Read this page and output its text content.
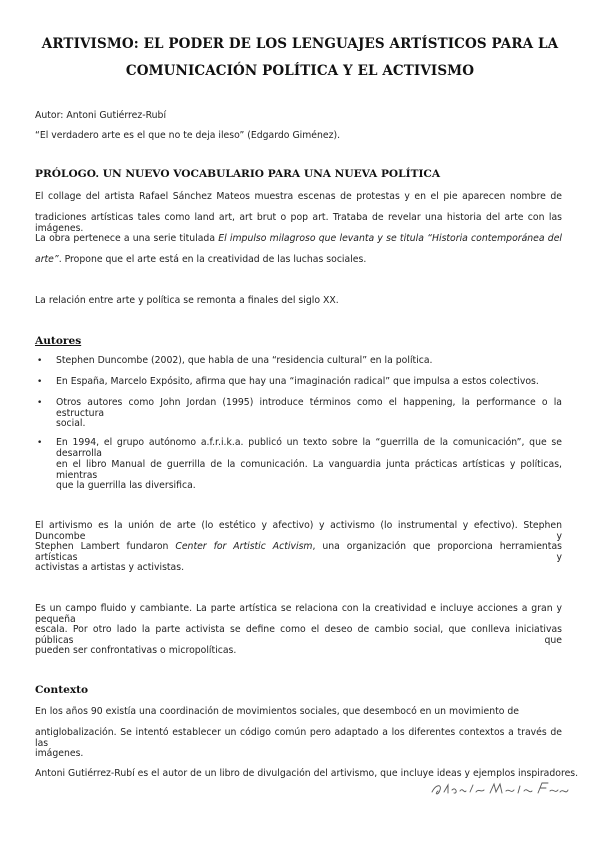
ARTIVISMO: EL PODER DE LOS LENGUAJES ARTÍSTICOS PARA LA
COMUNICACIÓN POLÍTICA Y EL ACTIVISMO
Autor: Antoni Gutiérrez-Rubí
“El verdadero arte es el que no te deja ileso” (Edgardo Giménez).
PRÓLOGO. UN NUEVO VOCABULARIO PARA UNA NUEVA POLÍTICA
El collage del artista Rafael Sánchez Mateos muestra escenas de protestas y en el pie aparecen nombre de
tradiciones artísticas tales como land art, art brut o pop art. Trataba de revelar una historia del arte con las imágenes.
La obra pertenece a una serie titulada El impulso milagroso que levanta y se titula “Historia contemporánea del
arte”. Propone que el arte está en la creatividad de las luchas sociales.
La relación entre arte y política se remonta a finales del siglo XX.
Autores
• Stephen Duncombe (2002), que habla de una “residencia cultural” en la política.
• En España, Marcelo Expósito, afirma que hay una “imaginación radical” que impulsa a estos colectivos.
• Otros autores como John Jordan (1995) introduce términos como el happening, la performance o la estructura
social.
• En 1994, el grupo autónomo a.f.r.i.k.a. publicó un texto sobre la “guerrilla de la comunicación”, que se desarrolla
en el libro Manual de guerrilla de la comunicación. La vanguardia junta prácticas artísticas y políticas, mientras
que la guerrilla las diversifica.
El artivismo es la unión de arte (lo estético y afectivo) y activismo (lo instrumental y efectivo). Stephen Duncombe y
Stephen Lambert fundaron Center for Artistic Activism, una organización que proporciona herramientas artísticas y
activistas a artistas y activistas.
Es un campo fluido y cambiante. La parte artística se relaciona con la creatividad e incluye acciones a gran y pequeña
escala. Por otro lado la parte activista se define como el deseo de cambio social, que conlleva iniciativas públicas que
pueden ser confrontativas o micropolíticas.
Contexto
En los años 90 existía una coordinación de movimientos sociales, que desembocó en un movimiento de
antiglobalización. Se intentó establecer un código común pero adaptado a los diferentes contextos a través de las
imágenes.
Antoni Gutiérrez-Rubí es el autor de un libro de divulgación del artivismo, que incluye ideas y ejemplos inspiradores.
